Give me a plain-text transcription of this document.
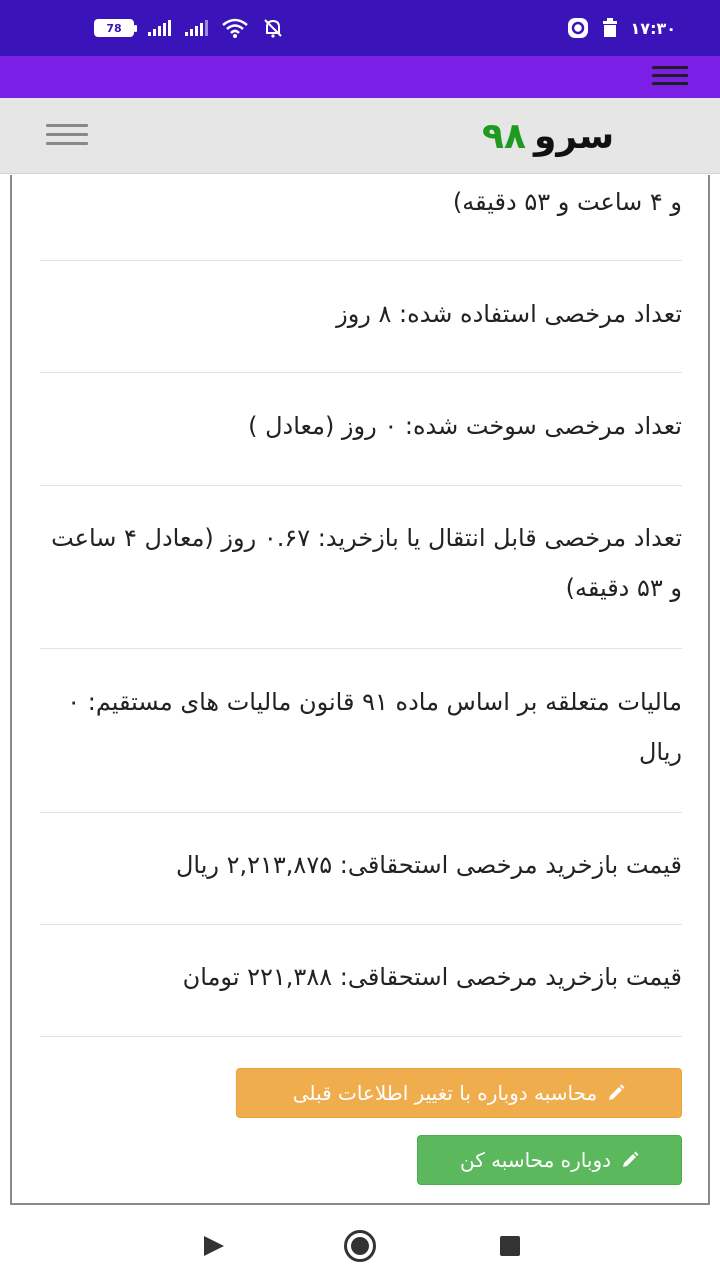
78	۱۷:۳۰
سرو
۹۸
و ۴ ساعت و ۵۳ دقیقه)
تعداد مرخصی استفاده شده: ۸ روز
تعداد مرخصی سوخت شده: ۰ روز (معادل )
تعداد مرخصی قابل انتقال یا بازخرید: ۰.۶۷ روز (معادل ۴ ساعت و ۵۳ دقیقه)
مالیات متعلقه بر اساس ماده ۹۱ قانون مالیات های مستقیم: ۰ ریال
قیمت بازخرید مرخصی استحقاقی: ۲,۲۱۳,۸۷۵ ریال
قیمت بازخرید مرخصی استحقاقی: ۲۲۱,۳۸۸ تومان
محاسبه دوباره با تغییر اطلاعات قبلی
دوباره محاسبه کن
